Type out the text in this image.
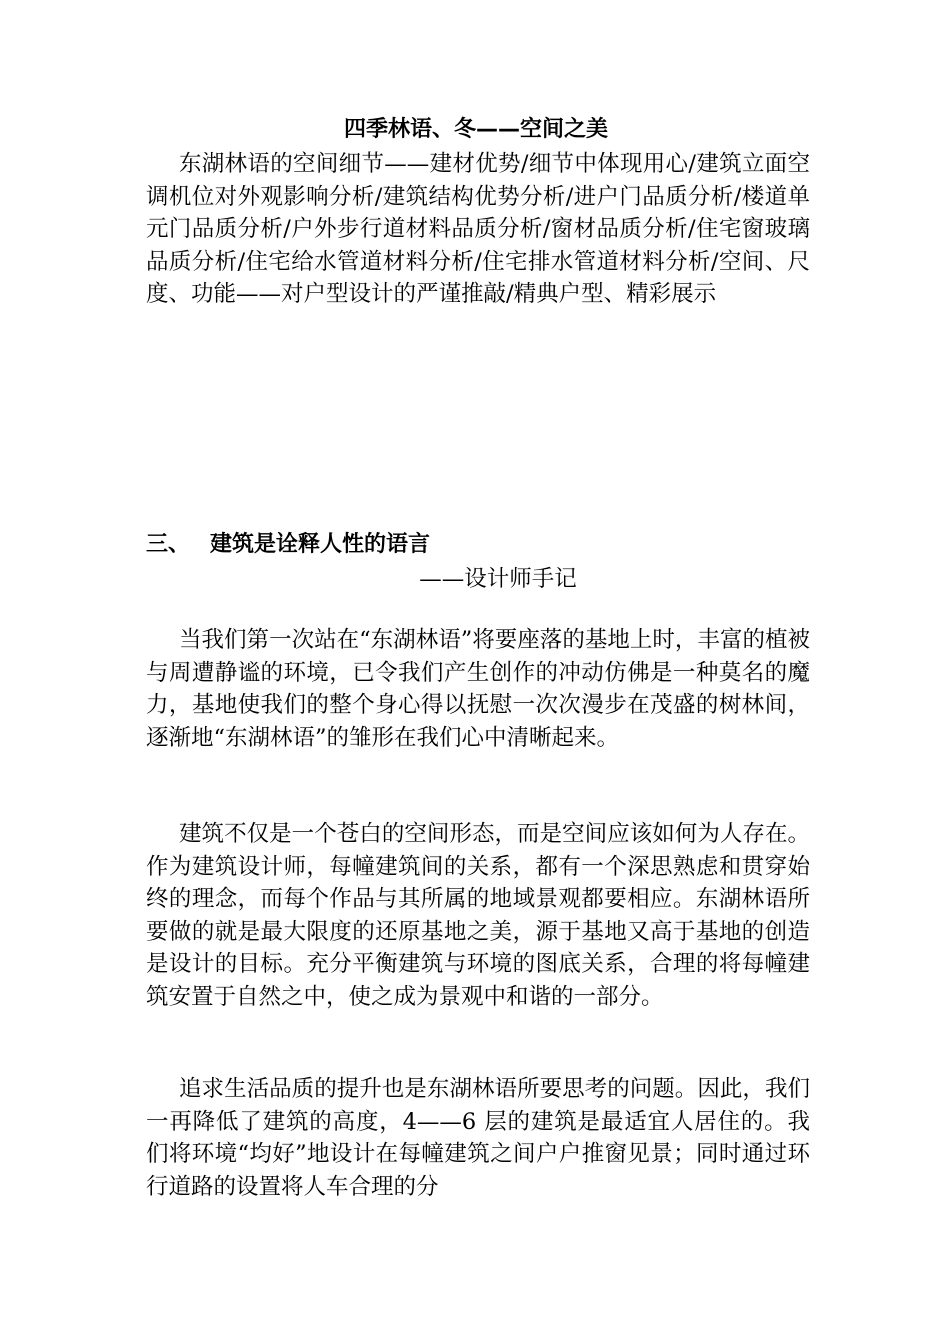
四季林语、冬——空间之美

东湖林语的空间细节——建材优势/细节中体现用心/建筑立面空调机位对外观影响分析/建筑结构优势分析/进户门品质分析/楼道单元门品质分析/户外步行道材料品质分析/窗材品质分析/住宅窗玻璃品质分析/住宅给水管道材料分析/住宅排水管道材料分析/空间、尺度、功能——对户型设计的严谨推敲/精典户型、精彩展示

三、 建筑是诠释人性的语言
——设计师手记

当我们第一次站在“东湖林语”将要座落的基地上时，丰富的植被与周遭静谧的环境，已令我们产生创作的冲动仿佛是一种莫名的魔力，基地使我们的整个身心得以抚慰一次次漫步在茂盛的树林间，逐渐地“东湖林语”的雏形在我们心中清晰起来。

建筑不仅是一个苍白的空间形态，而是空间应该如何为人存在。作为建筑设计师，每幢建筑间的关系，都有一个深思熟虑和贯穿始终的理念，而每个作品与其所属的地域景观都要相应。东湖林语所要做的就是最大限度的还原基地之美，源于基地又高于基地的创造是设计的目标。充分平衡建筑与环境的图底关系，合理的将每幢建筑安置于自然之中，使之成为景观中和谐的一部分。

追求生活品质的提升也是东湖林语所要思考的问题。因此，我们一再降低了建筑的高度，4——6 层的建筑是最适宜人居住的。我们将环境“均好”地设计在每幢建筑之间户户推窗见景；同时通过环行道路的设置将人车合理的分
